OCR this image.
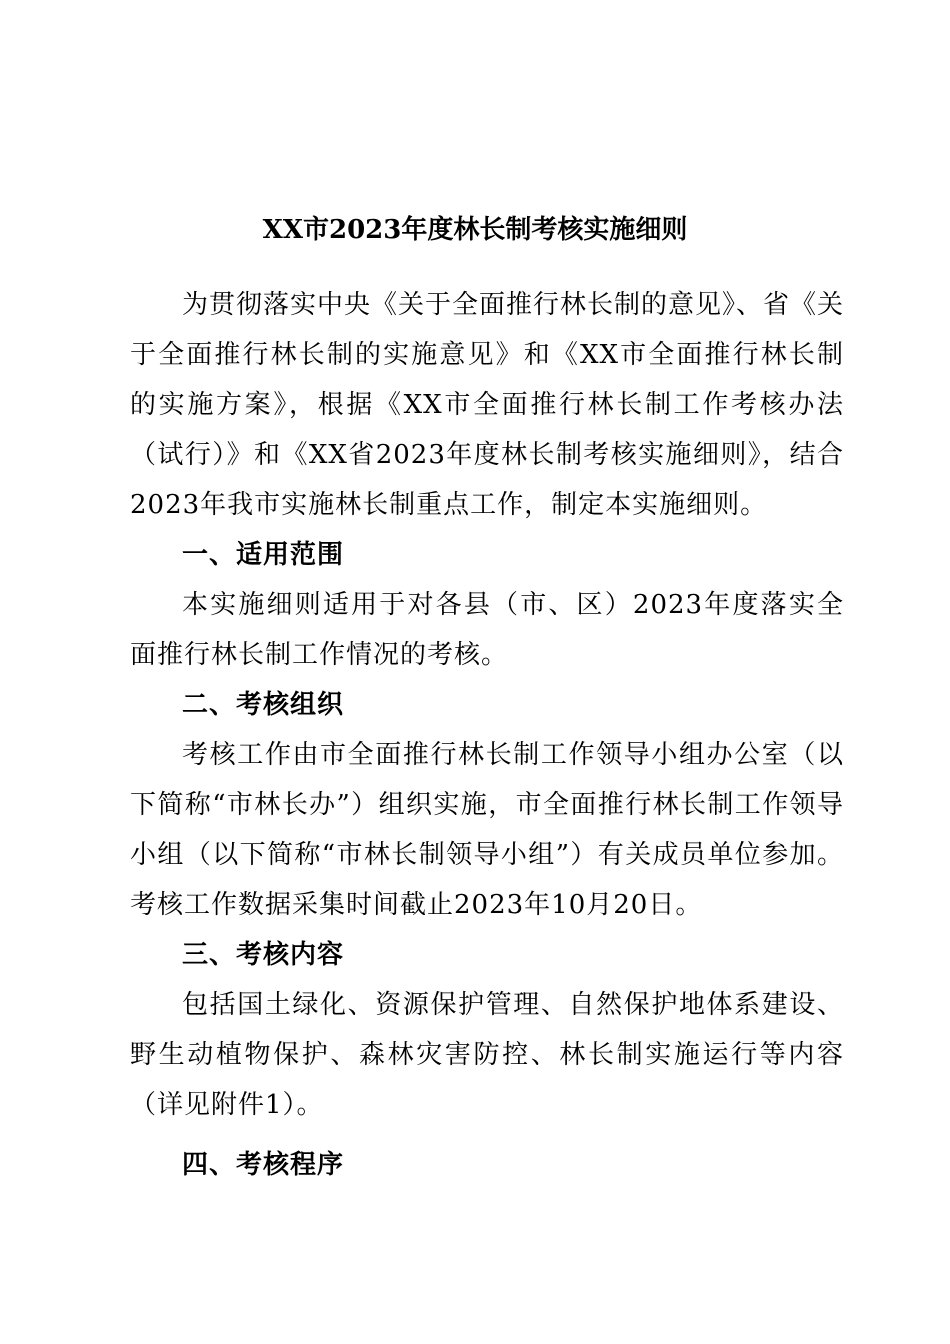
XX市2023年度林长制考核实施细则

为贯彻落实中央《关于全面推行林长制的意见》、省《关于全面推行林长制的实施意见》和《XX市全面推行林长制的实施方案》，根据《XX市全面推行林长制工作考核办法（试行）》和《XX省2023年度林长制考核实施细则》，结合2023年我市实施林长制重点工作，制定本实施细则。

一、适用范围

本实施细则适用于对各县（市、区）2023年度落实全面推行林长制工作情况的考核。

二、考核组织

考核工作由市全面推行林长制工作领导小组办公室（以下简称“市林长办”）组织实施，市全面推行林长制工作领导小组（以下简称“市林长制领导小组”）有关成员单位参加。考核工作数据采集时间截止2023年10月20日。

三、考核内容

包括国土绿化、资源保护管理、自然保护地体系建设、野生动植物保护、森林灾害防控、林长制实施运行等内容（详见附件1）。

四、考核程序
